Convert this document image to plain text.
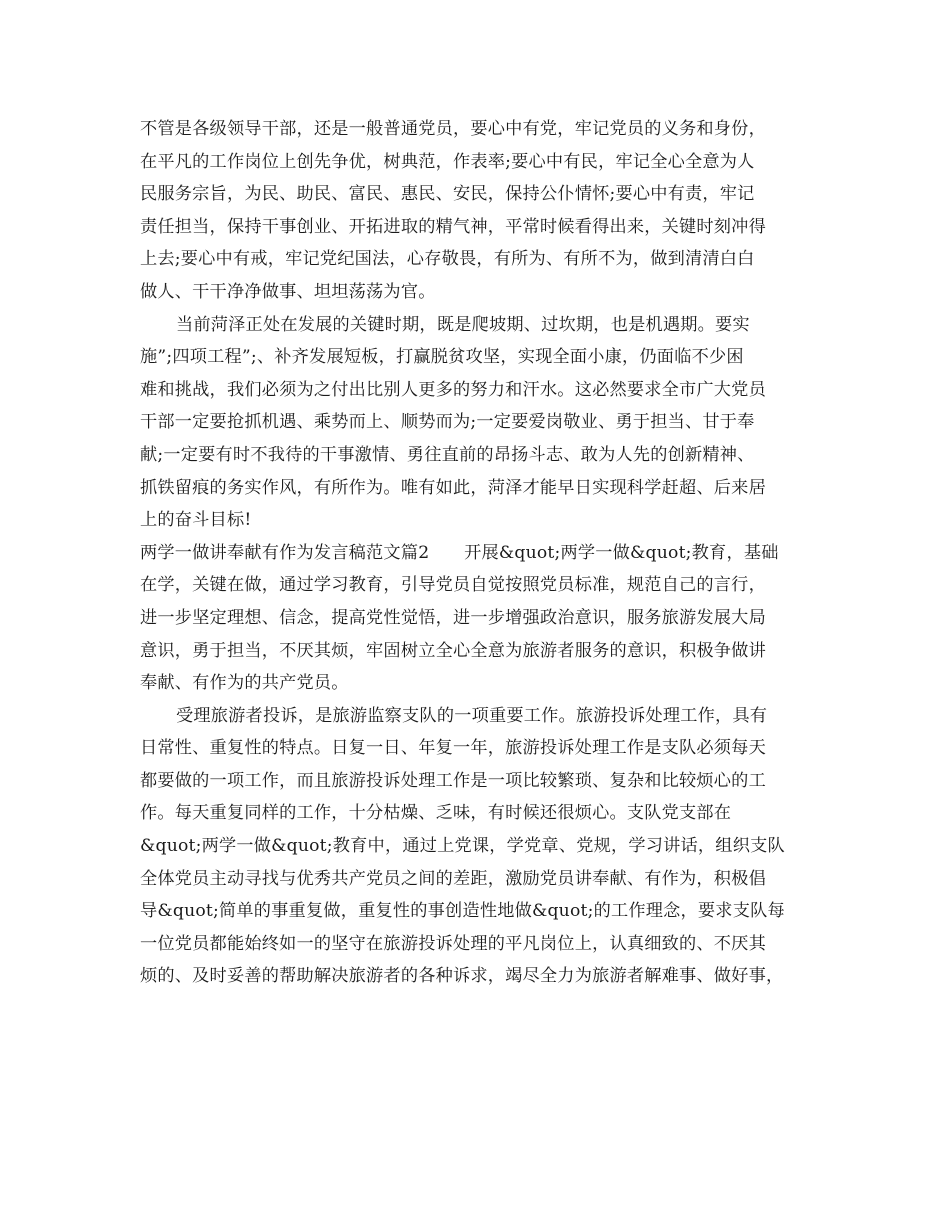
不管是各级领导干部，还是一般普通党员，要心中有党，牢记党员的义务和身份，
在平凡的工作岗位上创先争优，树典范，作表率;要心中有民，牢记全心全意为人
民服务宗旨，为民、助民、富民、惠民、安民，保持公仆情怀;要心中有责，牢记
责任担当，保持干事创业、开拓进取的精气神，平常时候看得出来，关键时刻冲得
上去;要心中有戒，牢记党纪国法，心存敬畏，有所为、有所不为，做到清清白白
做人、干干净净做事、坦坦荡荡为官。
当前菏泽正处在发展的关键时期，既是爬坡期、过坎期，也是机遇期。要实
施”;四项工程”;、补齐发展短板，打赢脱贫攻坚，实现全面小康，仍面临不少困
难和挑战，我们必须为之付出比别人更多的努力和汗水。这必然要求全市广大党员
干部一定要抢抓机遇、乘势而上、顺势而为;一定要爱岗敬业、勇于担当、甘于奉
献;一定要有时不我待的干事激情、勇往直前的昂扬斗志、敢为人先的创新精神、
抓铁留痕的务实作风，有所作为。唯有如此，菏泽才能早日实现科学赶超、后来居
上的奋斗目标!
两学一做讲奉献有作为发言稿范文篇2　　开展&quot;两学一做&quot;教育，基础
在学，关键在做，通过学习教育，引导党员自觉按照党员标准，规范自己的言行，
进一步坚定理想、信念，提高党性觉悟，进一步增强政治意识，服务旅游发展大局
意识，勇于担当，不厌其烦，牢固树立全心全意为旅游者服务的意识，积极争做讲
奉献、有作为的共产党员。
受理旅游者投诉，是旅游监察支队的一项重要工作。旅游投诉处理工作，具有
日常性、重复性的特点。日复一日、年复一年，旅游投诉处理工作是支队必须每天
都要做的一项工作，而且旅游投诉处理工作是一项比较繁琐、复杂和比较烦心的工
作。每天重复同样的工作，十分枯燥、乏味，有时候还很烦心。支队党支部在
&quot;两学一做&quot;教育中，通过上党课，学党章、党规，学习讲话，组织支队
全体党员主动寻找与优秀共产党员之间的差距，激励党员讲奉献、有作为，积极倡
导&quot;简单的事重复做，重复性的事创造性地做&quot;的工作理念，要求支队每
一位党员都能始终如一的坚守在旅游投诉处理的平凡岗位上，认真细致的、不厌其
烦的、及时妥善的帮助解决旅游者的各种诉求，竭尽全力为旅游者解难事、做好事，
